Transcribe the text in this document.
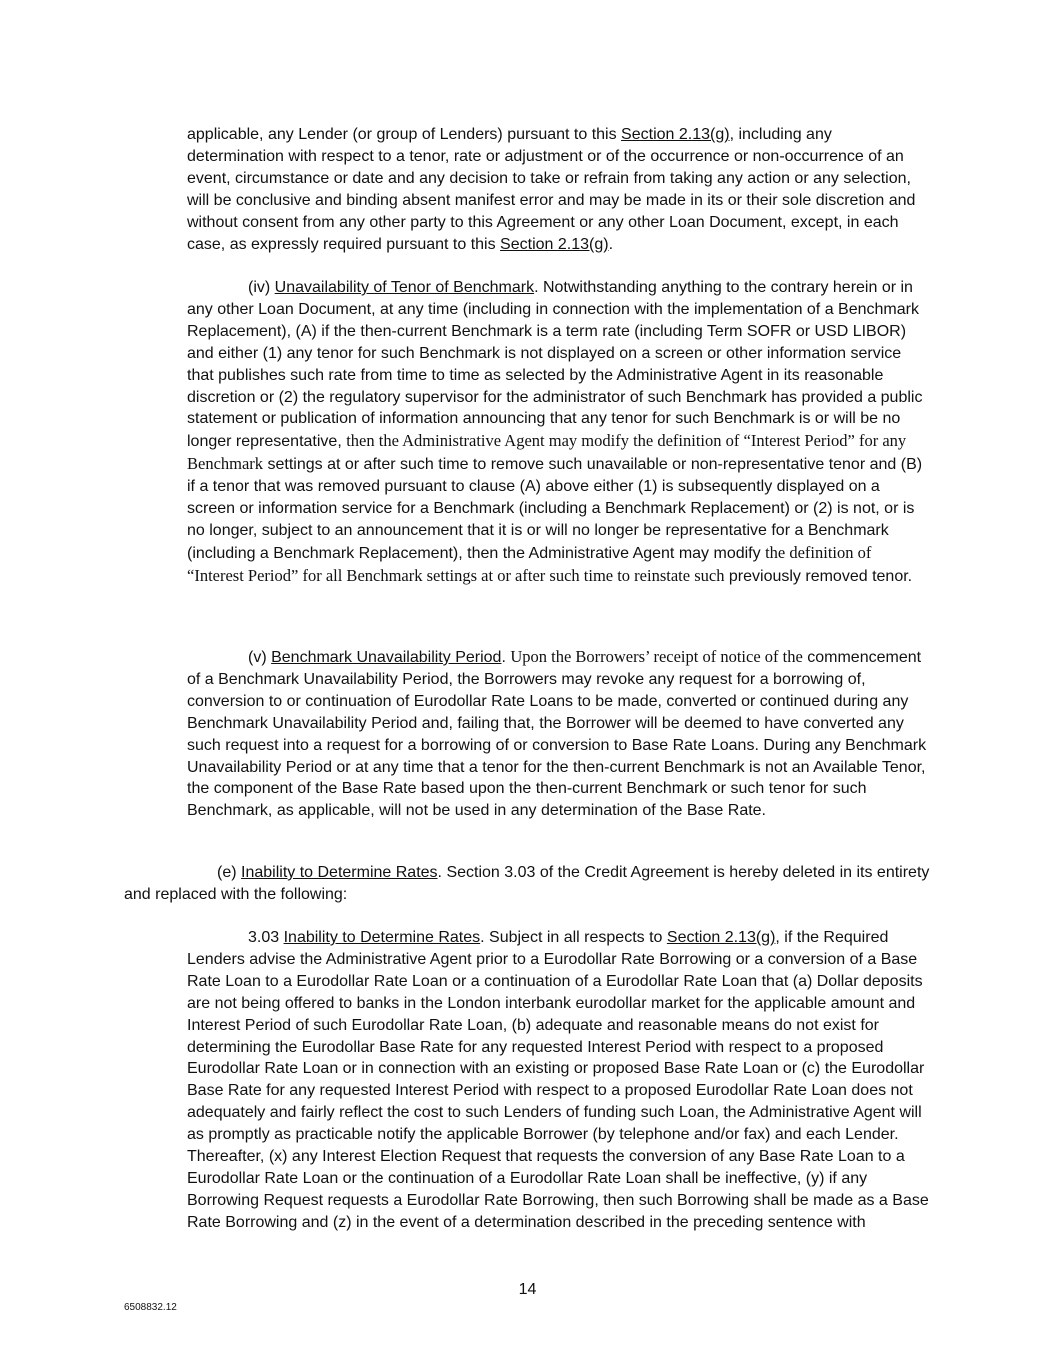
applicable, any Lender (or group of Lenders) pursuant to this Section 2.13(g), including any determination with respect to a tenor, rate or adjustment or of the occurrence or non-occurrence of an event, circumstance or date and any decision to take or refrain from taking any action or any selection, will be conclusive and binding absent manifest error and may be made in its or their sole discretion and without consent from any other party to this Agreement or any other Loan Document, except, in each case, as expressly required pursuant to this Section 2.13(g).

(iv) Unavailability of Tenor of Benchmark. Notwithstanding anything to the contrary herein or in any other Loan Document, at any time (including in connection with the implementation of a Benchmark Replacement), (A) if the then-current Benchmark is a term rate (including Term SOFR or USD LIBOR) and either (1) any tenor for such Benchmark is not displayed on a screen or other information service that publishes such rate from time to time as selected by the Administrative Agent in its reasonable discretion or (2) the regulatory supervisor for the administrator of such Benchmark has provided a public statement or publication of information announcing that any tenor for such Benchmark is or will be no longer representative, then the Administrative Agent may modify the definition of “Interest Period” for any Benchmark settings at or after such time to remove such unavailable or non-representative tenor and (B) if a tenor that was removed pursuant to clause (A) above either (1) is subsequently displayed on a screen or information service for a Benchmark (including a Benchmark Replacement) or (2) is not, or is no longer, subject to an announcement that it is or will no longer be representative for a Benchmark (including a Benchmark Replacement), then the Administrative Agent may modify the definition of “Interest Period” for all Benchmark settings at or after such time to reinstate such previously removed tenor.

(v) Benchmark Unavailability Period. Upon the Borrowers’ receipt of notice of the commencement of a Benchmark Unavailability Period, the Borrowers may revoke any request for a borrowing of, conversion to or continuation of Eurodollar Rate Loans to be made, converted or continued during any Benchmark Unavailability Period and, failing that, the Borrower will be deemed to have converted any such request into a request for a borrowing of or conversion to Base Rate Loans. During any Benchmark Unavailability Period or at any time that a tenor for the then-current Benchmark is not an Available Tenor, the component of the Base Rate based upon the then-current Benchmark or such tenor for such Benchmark, as applicable, will not be used in any determination of the Base Rate.

(e) Inability to Determine Rates. Section 3.03 of the Credit Agreement is hereby deleted in its entirety and replaced with the following:

3.03 Inability to Determine Rates. Subject in all respects to Section 2.13(g), if the Required Lenders advise the Administrative Agent prior to a Eurodollar Rate Borrowing or a conversion of a Base Rate Loan to a Eurodollar Rate Loan or a continuation of a Eurodollar Rate Loan that (a) Dollar deposits are not being offered to banks in the London interbank eurodollar market for the applicable amount and Interest Period of such Eurodollar Rate Loan, (b) adequate and reasonable means do not exist for determining the Eurodollar Base Rate for any requested Interest Period with respect to a proposed Eurodollar Rate Loan or in connection with an existing or proposed Base Rate Loan or (c) the Eurodollar Base Rate for any requested Interest Period with respect to a proposed Eurodollar Rate Loan does not adequately and fairly reflect the cost to such Lenders of funding such Loan, the Administrative Agent will as promptly as practicable notify the applicable Borrower (by telephone and/or fax) and each Lender. Thereafter, (x) any Interest Election Request that requests the conversion of any Base Rate Loan to a Eurodollar Rate Loan or the continuation of a Eurodollar Rate Loan shall be ineffective, (y) if any Borrowing Request requests a Eurodollar Rate Borrowing, then such Borrowing shall be made as a Base Rate Borrowing and (z) in the event of a determination described in the preceding sentence with

14
6508832.12
